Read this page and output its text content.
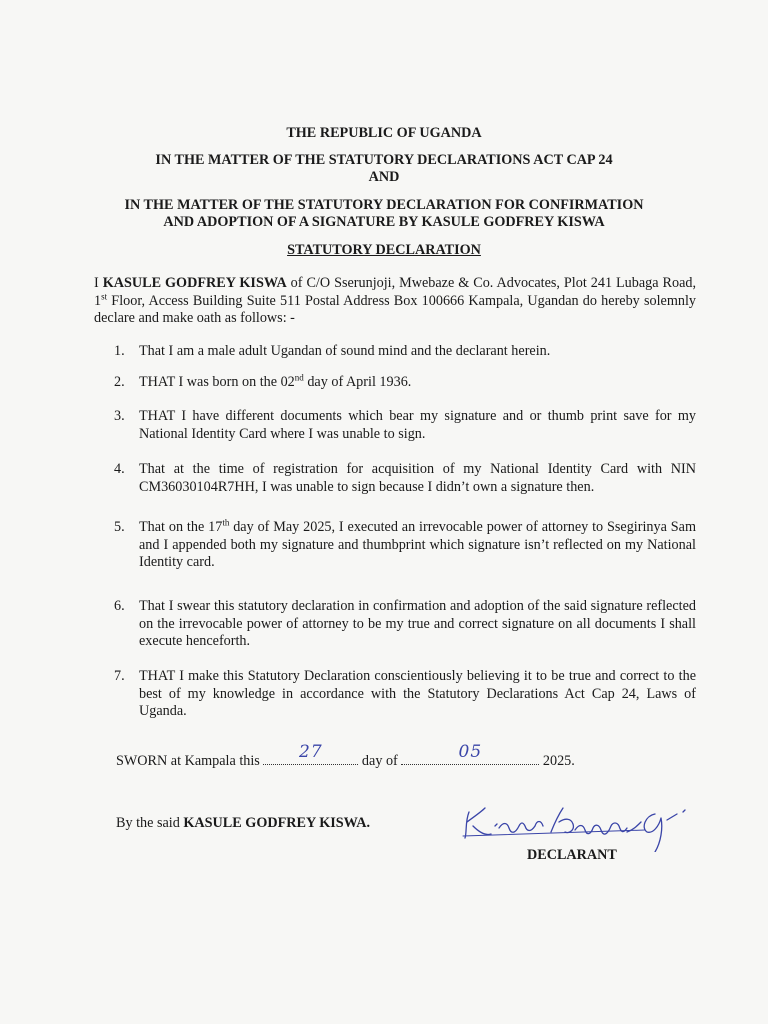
THE REPUBLIC OF UGANDA

IN THE MATTER OF THE STATUTORY DECLARATIONS ACT CAP 24

AND

IN THE MATTER OF THE STATUTORY DECLARATION FOR CONFIRMATION

AND ADOPTION OF A SIGNATURE BY KASULE GODFREY KISWA

STATUTORY DECLARATION

I KASULE GODFREY KISWA of C/O Sserunjoji, Mwebaze & Co. Advocates, Plot 241 Lubaga Road, 1st Floor, Access Building Suite 511 Postal Address Box 100666 Kampala, Ugandan do hereby solemnly declare and make oath as follows: -

1.	That I am a male adult Ugandan of sound mind and the declarant herein.
2.	THAT I was born on the 02nd day of April 1936.
3.	THAT I have different documents which bear my signature and or thumb print save for my National Identity Card where I was unable to sign.
4.	That at the time of registration for acquisition of my National Identity Card with NIN CM36030104R7HH, I was unable to sign because I didn’t own a signature then.
5.	That on the 17th day of May 2025, I executed an irrevocable power of attorney to Ssegirinya Sam and I appended both my signature and thumbprint which signature isn’t reflected on my National Identity card.
6.	That I swear this statutory declaration in confirmation and adoption of the said signature reflected on the irrevocable power of attorney to be my true and correct signature on all documents I shall execute henceforth.
7.	THAT I make this Statutory Declaration conscientiously believing it to be true and correct to the best of my knowledge in accordance with the Statutory Declarations Act Cap 24, Laws of Uganda.
SWORN at Kampala this	27	day of	05	2025.
By the said KASULE GODFREY KISWA.
DECLARANT
